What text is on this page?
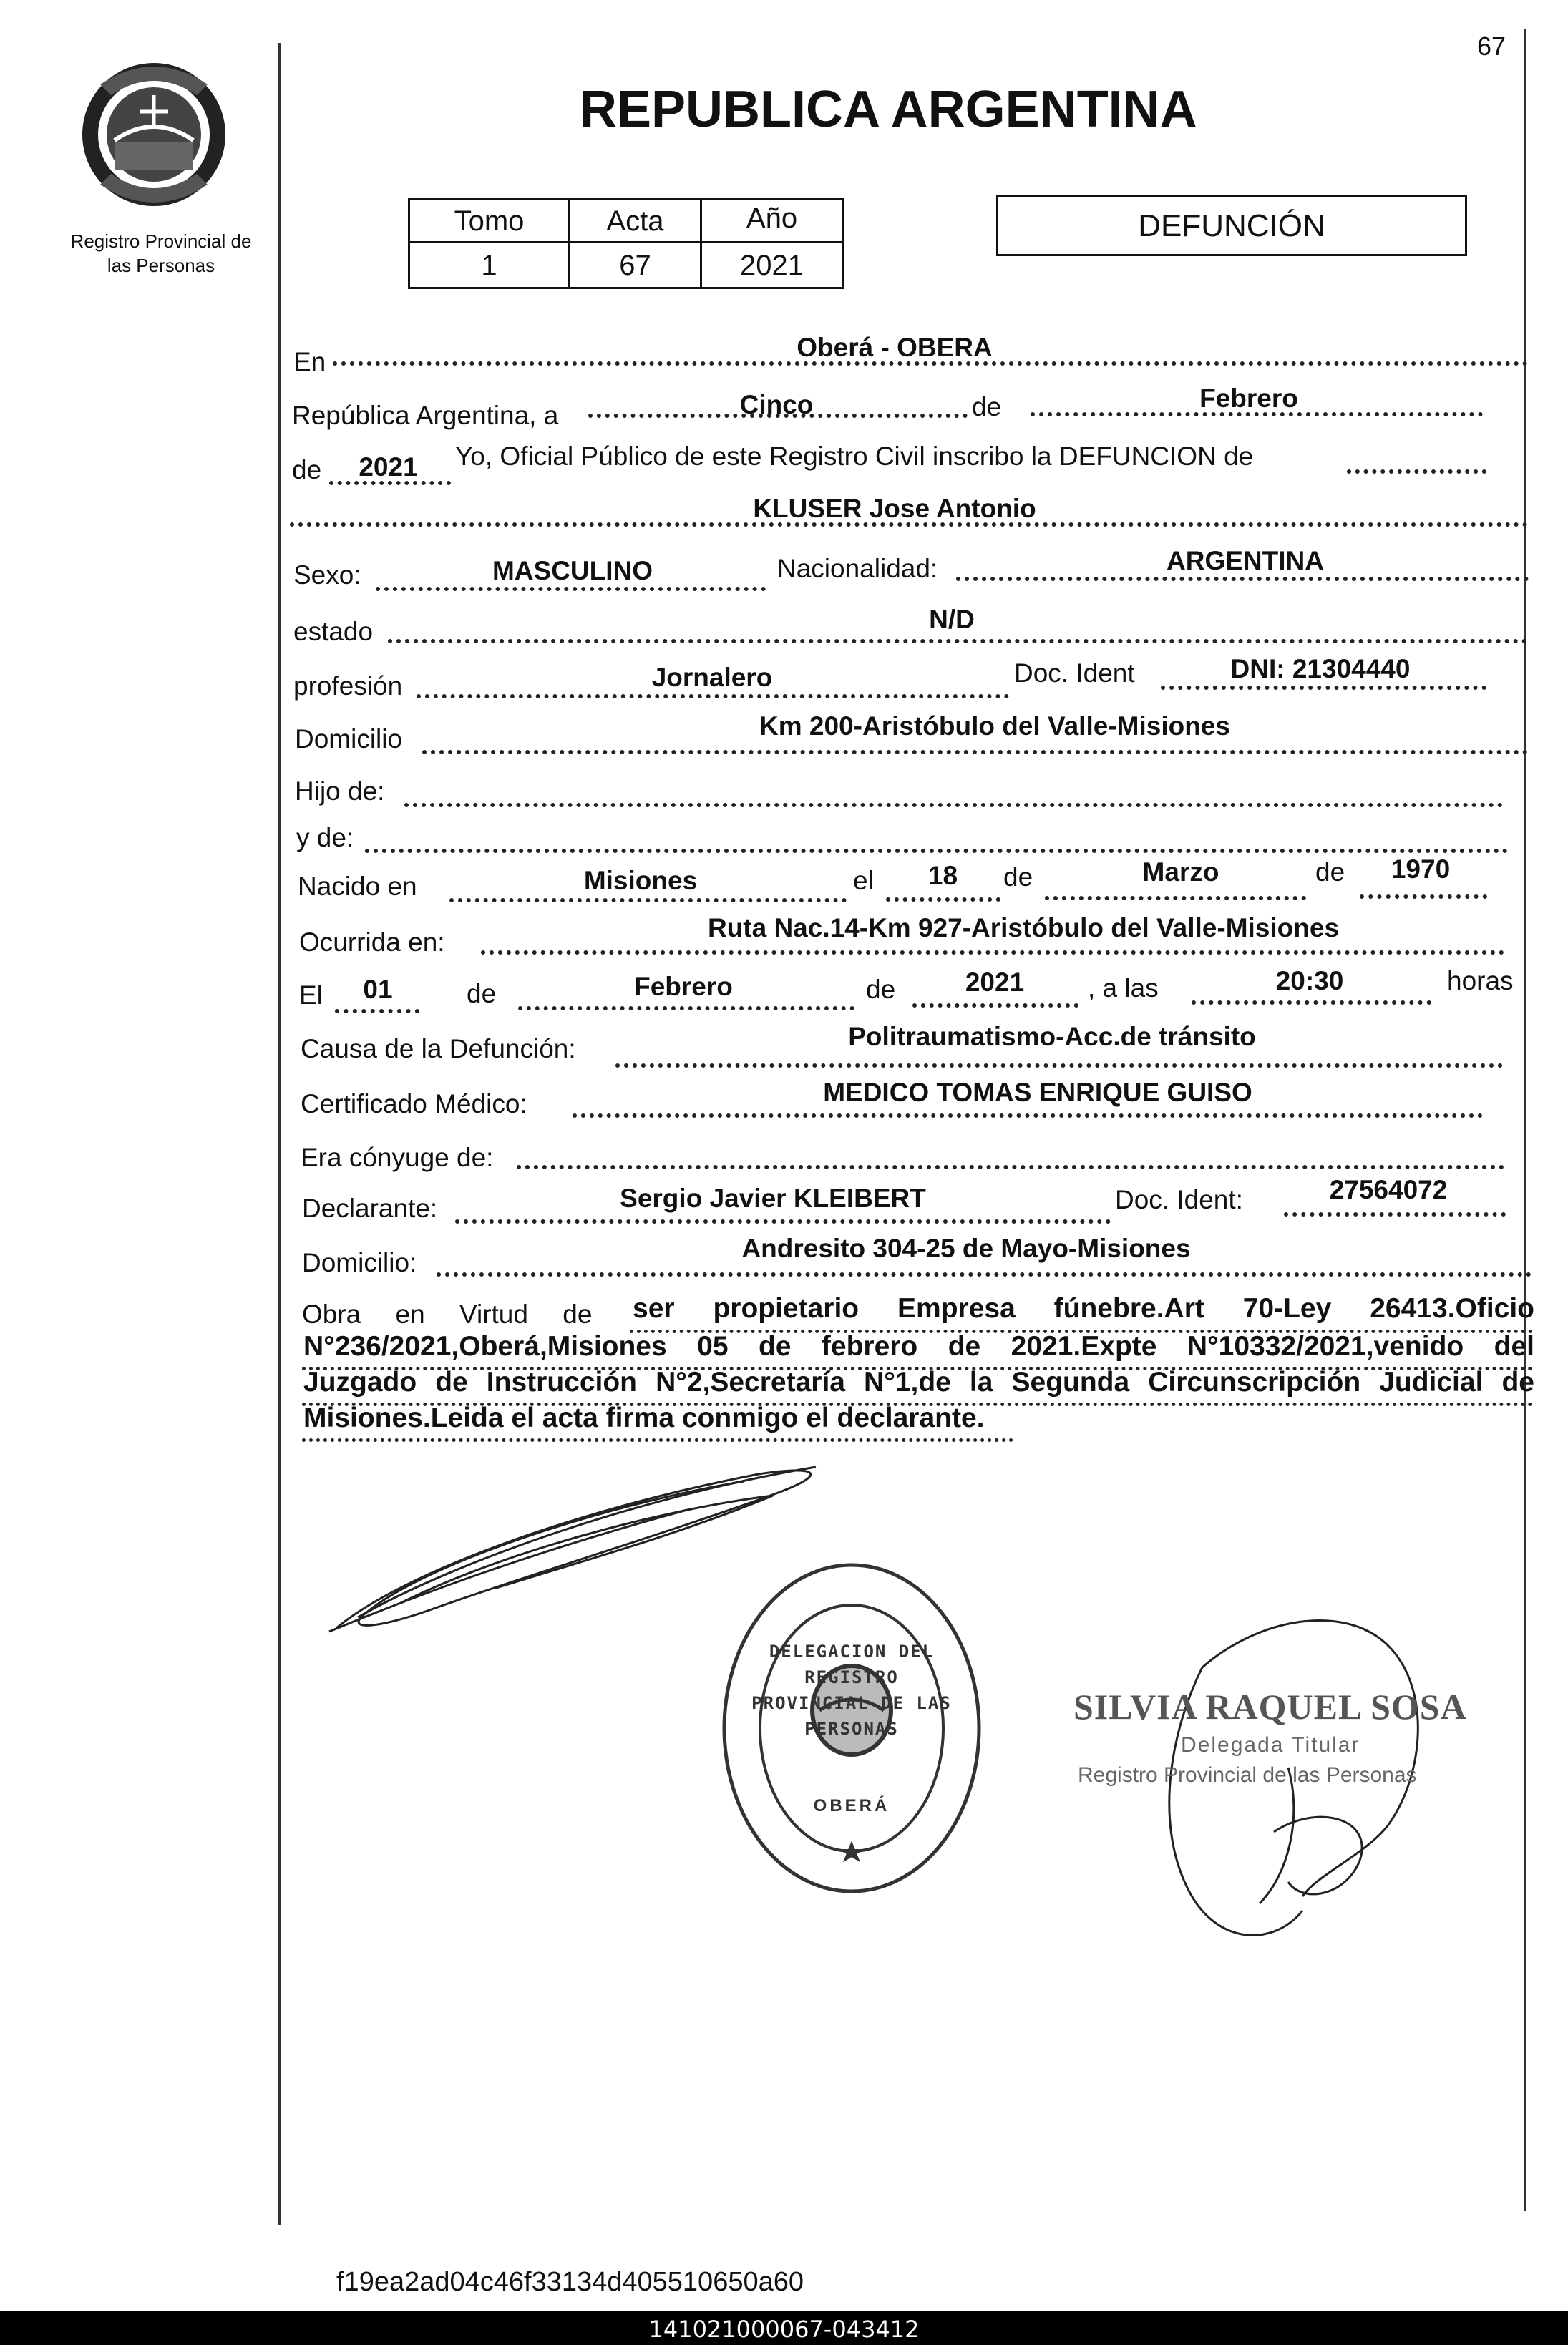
67
Registro Provincial de
las Personas
REPUBLICA ARGENTINA
Tomo	Acta	Año
1	67	2021
DEFUNCIÓN
En	Oberá - OBERA
República Argentina, a	Cinco	de	Febrero
de	2021	Yo, Oficial Público de este Registro Civil inscribo la DEFUNCION de
KLUSER Jose Antonio
Sexo:	MASCULINO	Nacionalidad:	ARGENTINA
estado	N/D
profesión	Jornalero	Doc. Ident	DNI: 21304440
Domicilio	Km 200-Aristóbulo del Valle-Misiones
Hijo de:
y de:
Nacido en	Misiones	el	18	de	Marzo	de	1970
Ocurrida en:	Ruta Nac.14-Km 927-Aristóbulo del Valle-Misiones
El	01	de	Febrero	de	2021	, a las	20:30	horas
Causa de la Defunción:	Politraumatismo-Acc.de tránsito
Certificado Médico:	MEDICO TOMAS ENRIQUE GUISO
Era cónyuge de:
Declarante:	Sergio Javier KLEIBERT	Doc. Ident:	27564072
Domicilio:	Andresito 304-25 de Mayo-Misiones
Obra en Virtud de ser propietario Empresa fúnebre.Art 70-Ley 26413.Oficio
N°236/2021,Oberá,Misiones 05 de febrero de 2021.Expte N°10332/2021,venido del
Juzgado de Instrucción N°2,Secretaría N°1,de la Segunda Circunscripción Judicial de
Misiones.Leida el acta firma conmigo el declarante.
DELEGACION DEL REGISTRO PROVINCIAL DE LAS PERSONAS
OBERÁ
SILVIA RAQUEL SOSA
Delegada Titular
Registro Provincial de las Personas
f19ea2ad04c46f33134d405510650a60
141021000067-043412
